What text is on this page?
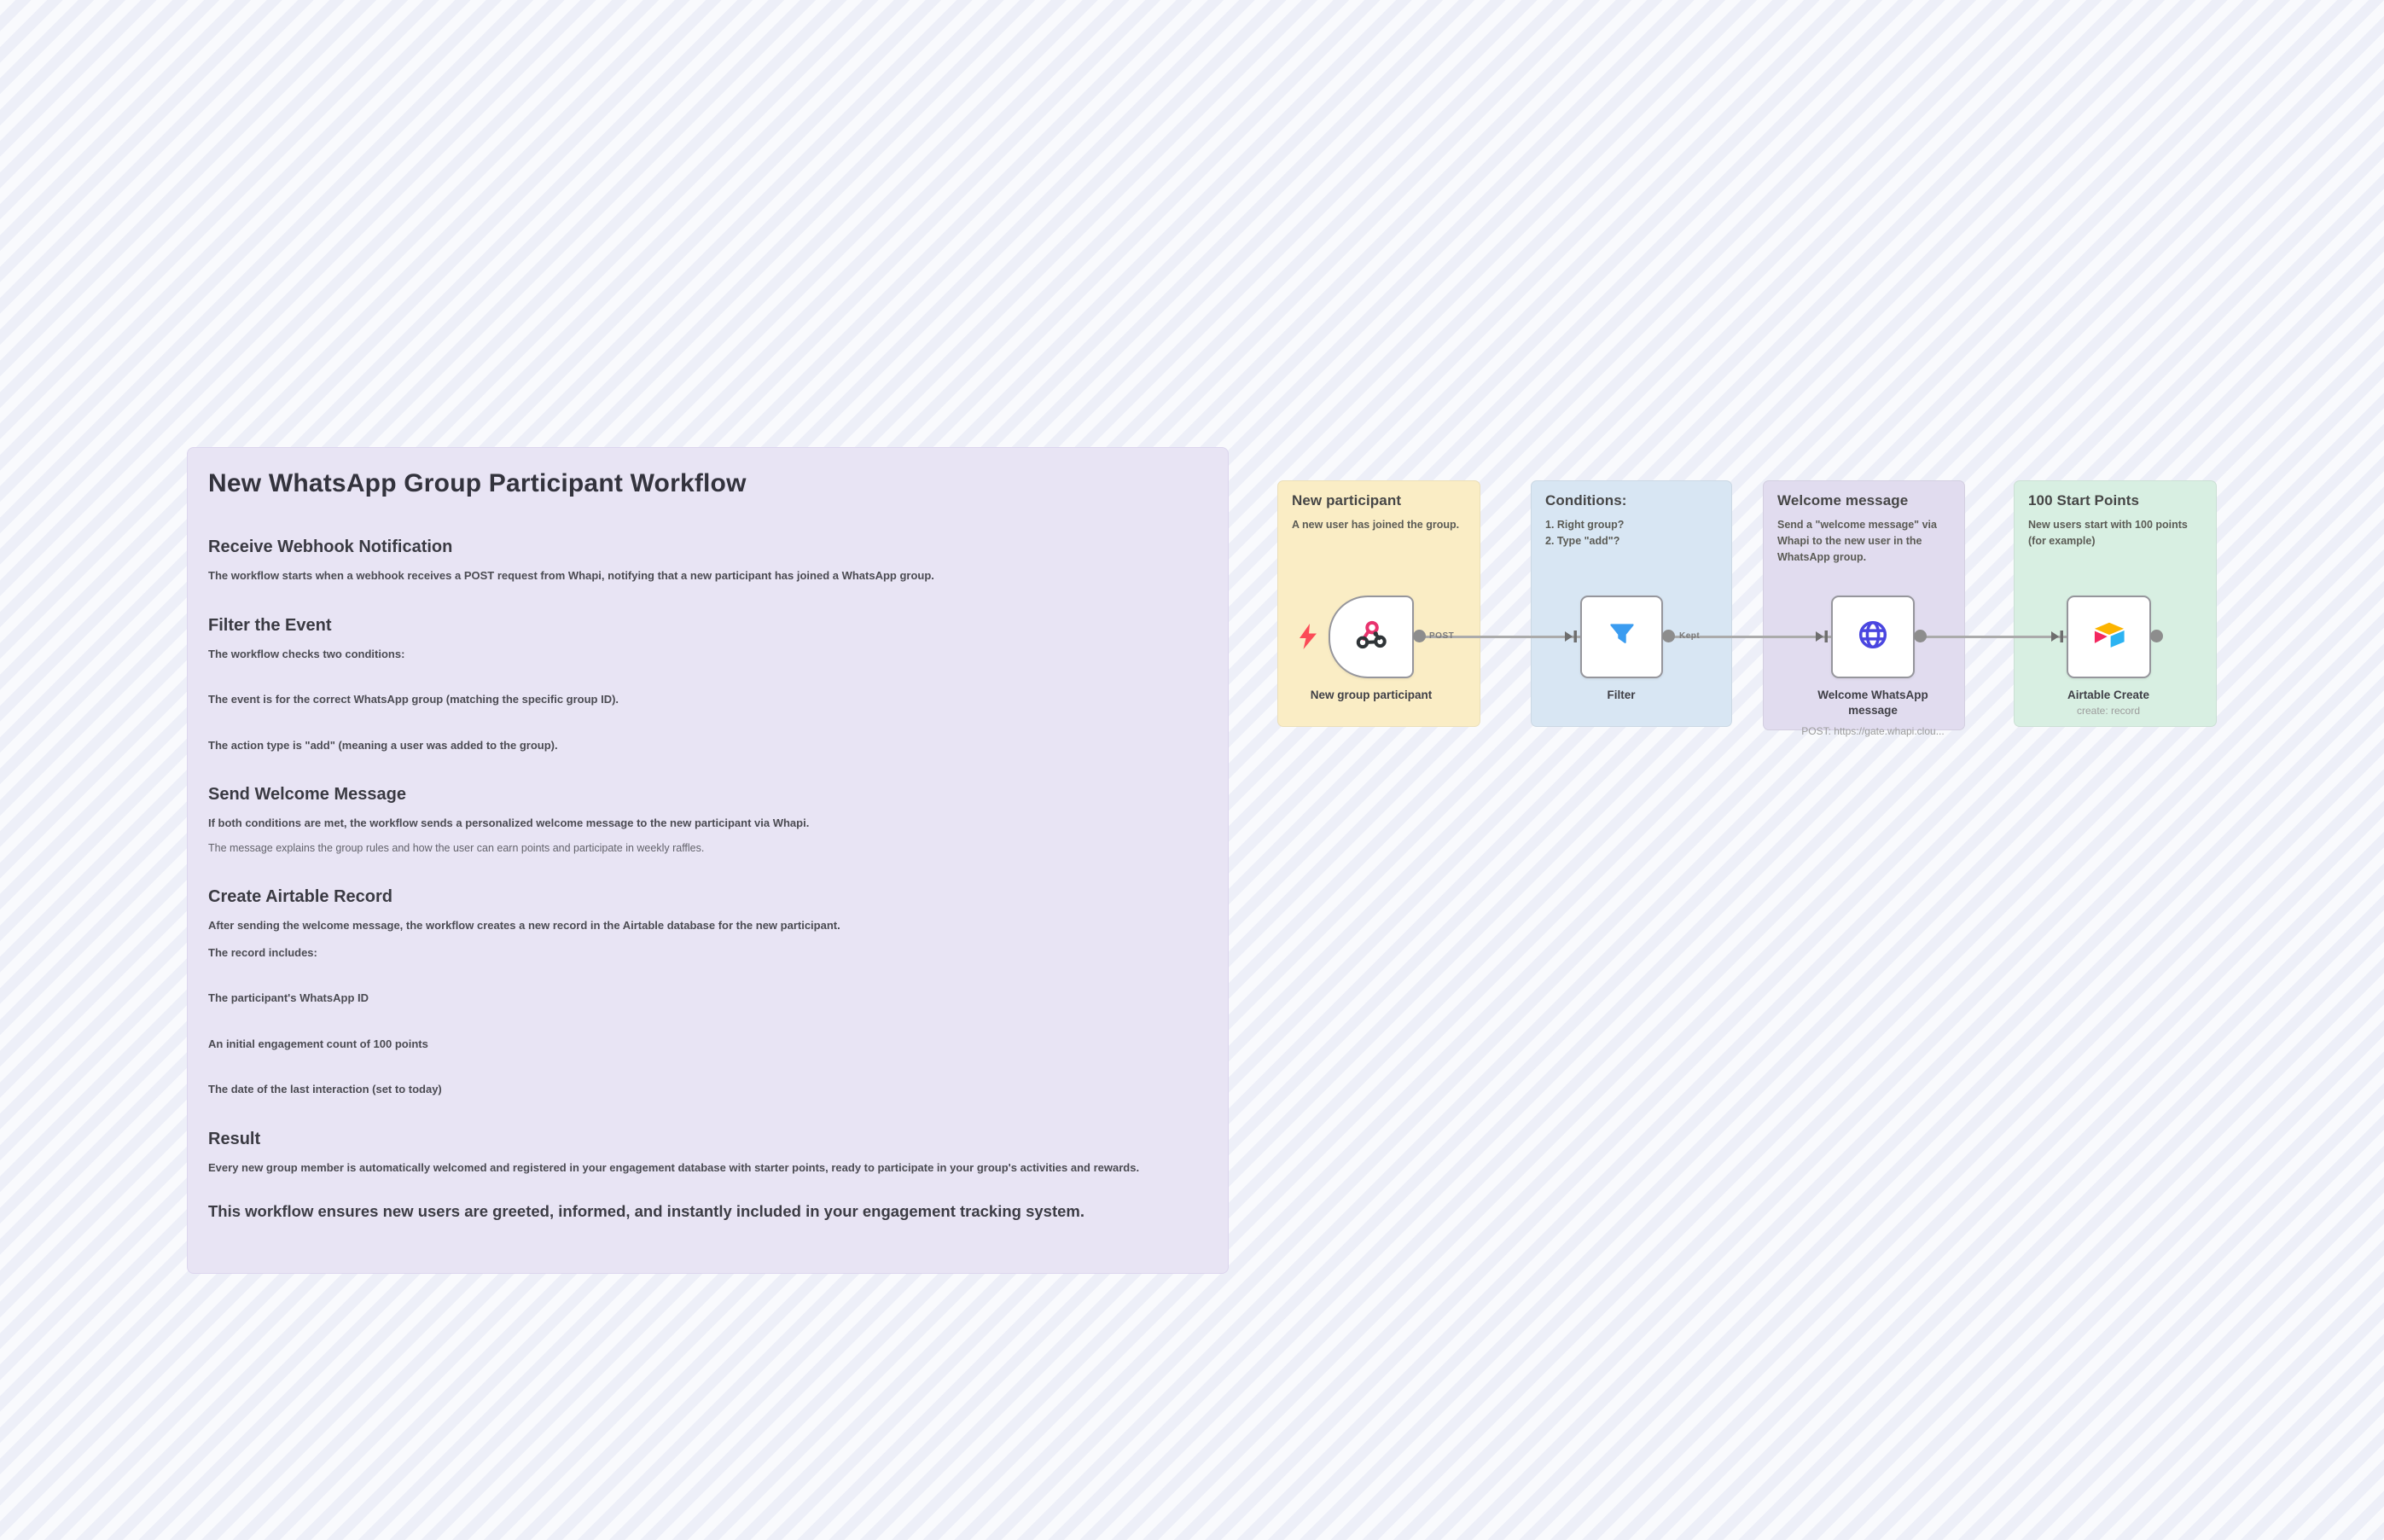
New WhatsApp Group Participant Workflow
Receive Webhook Notification

The workflow starts when a webhook receives a POST request from Whapi, notifying that a new participant has joined a WhatsApp group.

Filter the Event

The workflow checks two conditions:

The event is for the correct WhatsApp group (matching the specific group ID).

The action type is "add" (meaning a user was added to the group).

Send Welcome Message

If both conditions are met, the workflow sends a personalized welcome message to the new participant via Whapi.

The message explains the group rules and how the user can earn points and participate in weekly raffles.

Create Airtable Record

After sending the welcome message, the workflow creates a new record in the Airtable database for the new participant.

The record includes:

The participant's WhatsApp ID

An initial engagement count of 100 points

The date of the last interaction (set to today)

Result

Every new group member is automatically welcomed and registered in your engagement database with starter points, ready to participate in your group's activities and rewards.

This workflow ensures new users are greeted, informed, and instantly included in your engagement tracking system.

New participant

A new user has joined the group.

Conditions:

1. Right group?

2. Type "add"?

Welcome message

Send a "welcome message" via Whapi to the new user in the WhatsApp group.

100 Start Points

New users start with 100 points (for example)

POST	Kept
New group participant	Filter	Welcome WhatsApp message
POST: https://gate.whapi.clou...
Airtable Create
create: record
